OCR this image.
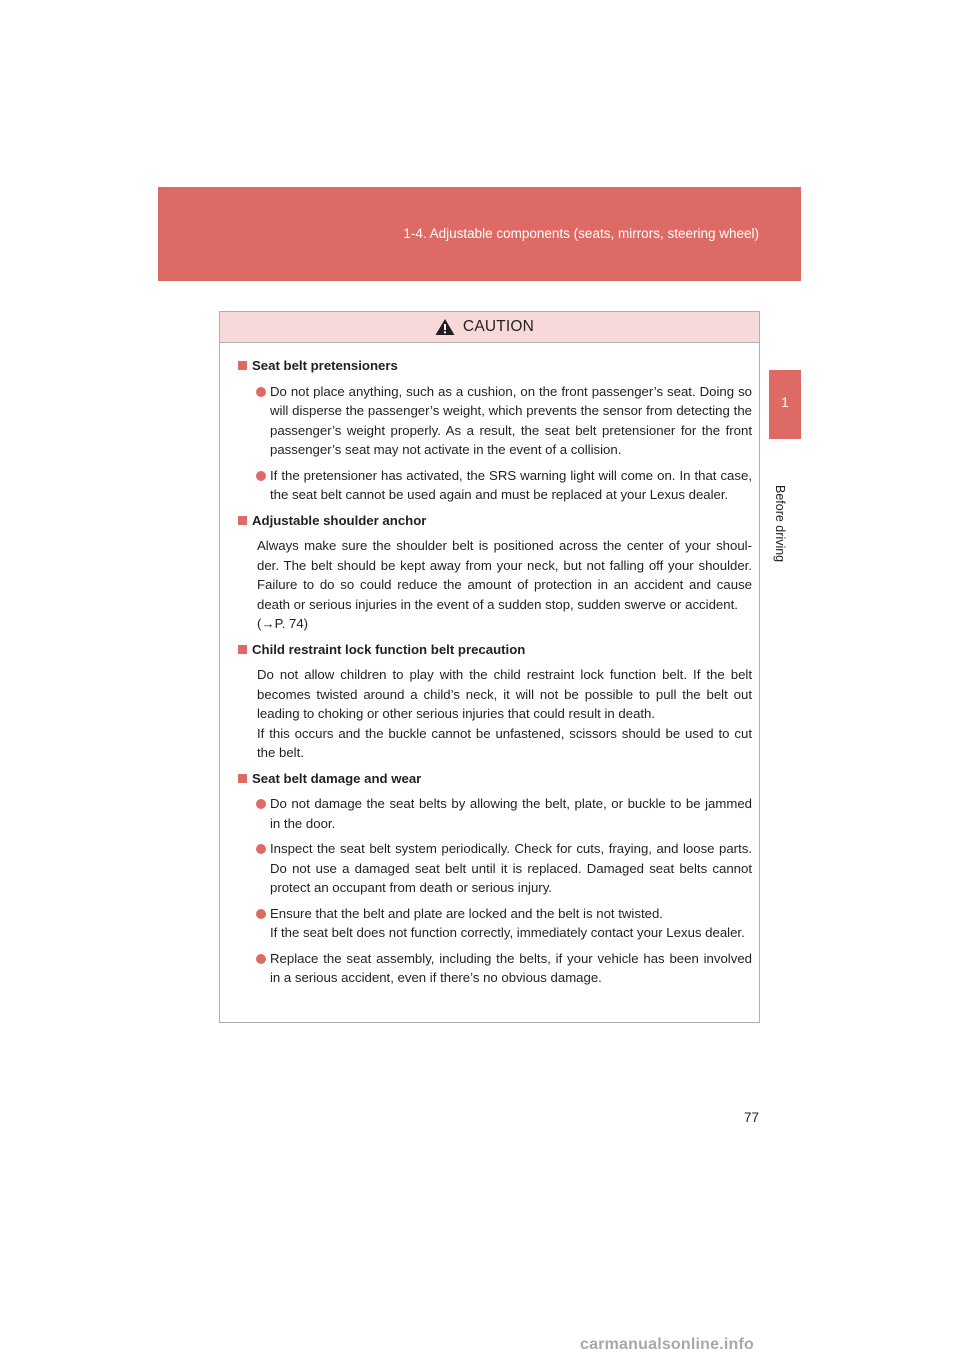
1-4. Adjustable components (seats, mirrors, steering wheel)
1
Before driving
CAUTION
Seat belt pretensioners
Do not place anything, such as a cushion, on the front passenger’s seat. Doing so will disperse the passenger’s weight, which prevents the sensor from detecting the passenger’s weight properly. As a result, the seat belt pretensioner for the front passenger’s seat may not activate in the event of a collision.
If the pretensioner has activated, the SRS warning light will come on. In that case, the seat belt cannot be used again and must be replaced at your Lexus dealer.
Adjustable shoulder anchor
Always make sure the shoulder belt is positioned across the center of your shoul-der. The belt should be kept away from your neck, but not falling off your shoulder. Failure to do so could reduce the amount of protection in an accident and cause death or serious injuries in the event of a sudden stop, sudden swerve or accident.
(→P. 74)
Child restraint lock function belt precaution
Do not allow children to play with the child restraint lock function belt. If the belt becomes twisted around a child’s neck, it will not be possible to pull the belt out leading to choking or other serious injuries that could result in death.
If this occurs and the buckle cannot be unfastened, scissors should be used to cut the belt.
Seat belt damage and wear
Do not damage the seat belts by allowing the belt, plate, or buckle to be jammed in the door.
Inspect the seat belt system periodically. Check for cuts, fraying, and loose parts. Do not use a damaged seat belt until it is replaced. Damaged seat belts cannot protect an occupant from death or serious injury.
Ensure that the belt and plate are locked and the belt is not twisted.
If the seat belt does not function correctly, immediately contact your Lexus dealer.
Replace the seat assembly, including the belts, if your vehicle has been involved in a serious accident, even if there’s no obvious damage.
77
carmanualsonline.info
